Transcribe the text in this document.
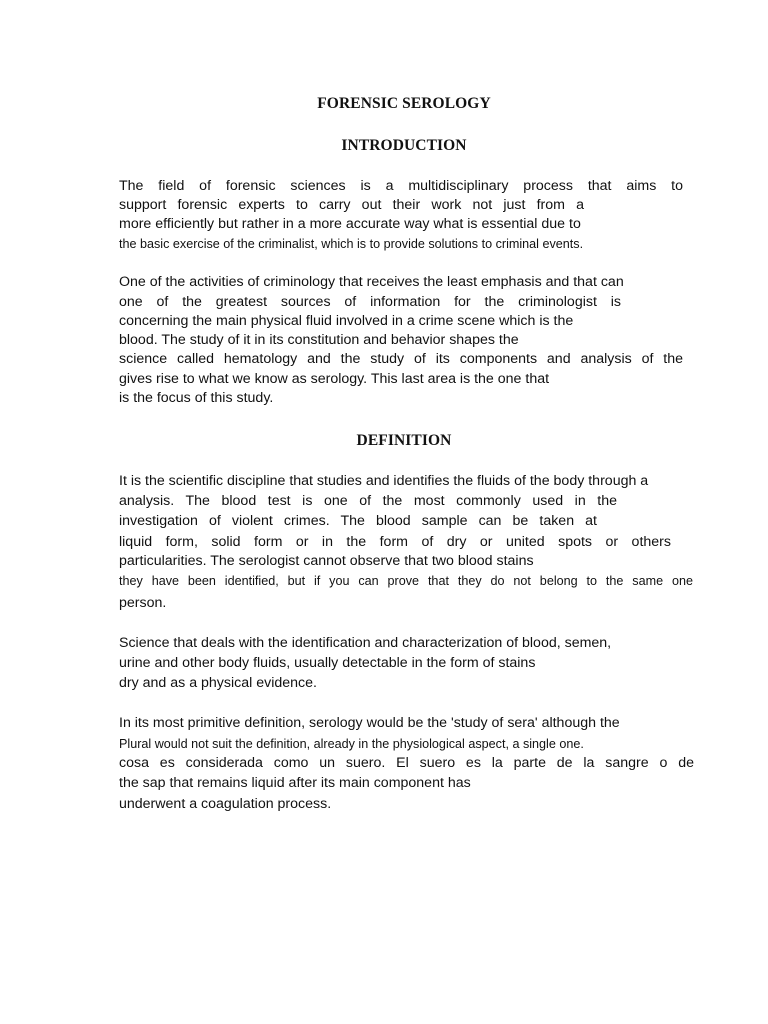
FORENSIC SEROLOGY
INTRODUCTION
The field of forensic sciences is a multidisciplinary process that aims to
support forensic experts to carry out their work not just from a
more efficiently but rather in a more accurate way what is essential due to
the basic exercise of the criminalist, which is to provide solutions to criminal events.
One of the activities of criminology that receives the least emphasis and that can
one of the greatest sources of information for the criminologist is
concerning the main physical fluid involved in a crime scene which is the
blood. The study of it in its constitution and behavior shapes the
science called hematology and the study of its components and analysis of the
gives rise to what we know as serology. This last area is the one that
is the focus of this study.
DEFINITION
It is the scientific discipline that studies and identifies the fluids of the body through a
analysis. The blood test is one of the most commonly used in the
investigation of violent crimes. The blood sample can be taken at
liquid form, solid form or in the form of dry or united spots or others
particularities. The serologist cannot observe that two blood stains
they have been identified, but if you can prove that they do not belong to the same one
person.
Science that deals with the identification and characterization of blood, semen,
urine and other body fluids, usually detectable in the form of stains
dry and as a physical evidence.
In its most primitive definition, serology would be the 'study of sera' although the
Plural would not suit the definition, already in the physiological aspect, a single one.
cosa es considerada como un suero. El suero es la parte de la sangre o de
the sap that remains liquid after its main component has
underwent a coagulation process.
